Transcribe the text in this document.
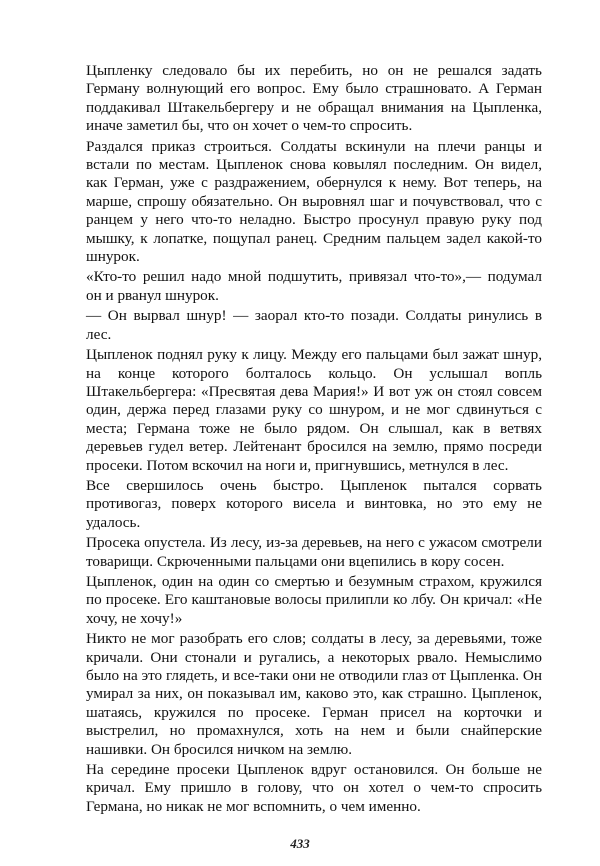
Цыпленку следовало бы их перебить, но он не решался задать Герману волнующий его вопрос. Ему было страшновато. А Герман поддакивал Штакельбергеру и не обращал внимания на Цыпленка, иначе заметил бы, что он хочет о чем-то спросить.

Раздался приказ строиться. Солдаты вскинули на плечи ранцы и встали по местам. Цыпленок снова ковылял последним. Он видел, как Герман, уже с раздражением, обернулся к нему. Вот теперь, на марше, спрошу обязательно. Он выровнял шаг и почувствовал, что с ранцем у него что-то неладно. Быстро просунул правую руку под мышку, к лопатке, пощупал ранец. Средним пальцем задел какой-то шнурок.

«Кто-то решил надо мной подшутить, привязал что-то»,— подумал он и рванул шнурок.

— Он вырвал шнур! — заорал кто-то позади. Солдаты ринулись в лес.

Цыпленок поднял руку к лицу. Между его пальцами был зажат шнур, на конце которого болталось кольцо. Он услышал вопль Штакельбергера: «Пресвятая дева Мария!» И вот уж он стоял совсем один, держа перед глазами руку со шнуром, и не мог сдвинуться с места; Германа тоже не было рядом. Он слышал, как в ветвях деревьев гудел ветер. Лейтенант бросился на землю, прямо посреди просеки. Потом вскочил на ноги и, пригнувшись, метнулся в лес.

Все свершилось очень быстро. Цыпленок пытался сорвать противогаз, поверх которого висела и винтовка, но это ему не удалось.

Просека опустела. Из лесу, из-за деревьев, на него с ужасом смотрели товарищи. Скрюченными пальцами они вцепились в кору сосен.

Цыпленок, один на один со смертью и безумным страхом, кружился по просеке. Его каштановые волосы прилипли ко лбу. Он кричал: «Не хочу, не хочу!»

Никто не мог разобрать его слов; солдаты в лесу, за деревьями, тоже кричали. Они стонали и ругались, а некоторых рвало. Немыслимо было на это глядеть, и все-таки они не отводили глаз от Цыпленка. Он умирал за них, он показывал им, каково это, как страшно. Цыпленок, шатаясь, кружился по просеке. Герман присел на корточки и выстрелил, но промахнулся, хоть на нем и были снайперские нашивки. Он бросился ничком на землю.

На середине просеки Цыпленок вдруг остановился. Он больше не кричал. Ему пришло в голову, что он хотел о чем-то спросить Германа, но никак не мог вспомнить, о чем именно.

433
